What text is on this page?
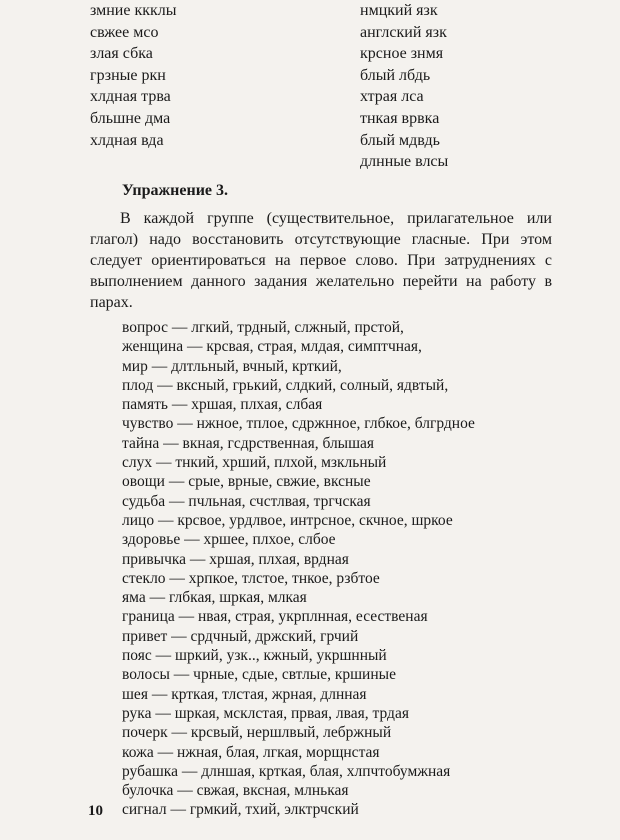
змние ккклы
свжее мсо
злая сбка
грзные ркн
хлдная трва
бльшне дма
хлдная вда
нмцкий язк
англский язк
крсное знмя
блый лбдь
хтрая лса
тнкая врвка
блый мдвдь
длнные влсы
Упражнение 3.

В каждой группе (существительное, прилагательное или глагол) надо восстановить отсутствующие гласные. При этом следует ориентироваться на первое слово. При затруднениях с выполнением данного задания желательно перейти на работу в парах.

вопрос — лгкий, трдный, слжный, прстой,
женщина — крсвая, страя, млдая, симптчная,
мир — длтльный, вчный, крткий,
плод — вксный, грький, слдкий, солный, ядвтый,
память — хршая, плхая, слбая
чувство — нжное, тплое, сдржнное, глбкое, блгрдное
тайна — вкная, гсдрственная, блышая
слух — тнкий, хрший, плхой, мзкльный
овощи — срые, врные, свжие, вксные
судьба — пчльная, счстлвая, тргчская
лицо — крсвое, урдлвое, интрсное, скчное, шркое
здоровье — хршее, плхое, слбое
привычка — хршая, плхая, врдная
стекло — хрпкое, тлстое, тнкое, рзбтое
яма — глбкая, шркая, млкая
граница — нвая, страя, укрплнная, есественая
привет — срдчный, држский, грчий
пояс — шркий, узк.., кжный, укршнный
волосы — чрные, сдые, свтлые, кршиные
шея — крткая, тлстая, жрная, длнная
рука — шркая, мсклстая, првая, лвая, трдая
почерк — крсвый, нершлвый, лебржный
кожа — нжная, блая, лгкая, морщнстая
рубашка — длншая, крткая, блая, хлпчтобумжная
булочка — свжая, вксная, млнькая
сигнал — грмкий, тхий, элктрчский
10
